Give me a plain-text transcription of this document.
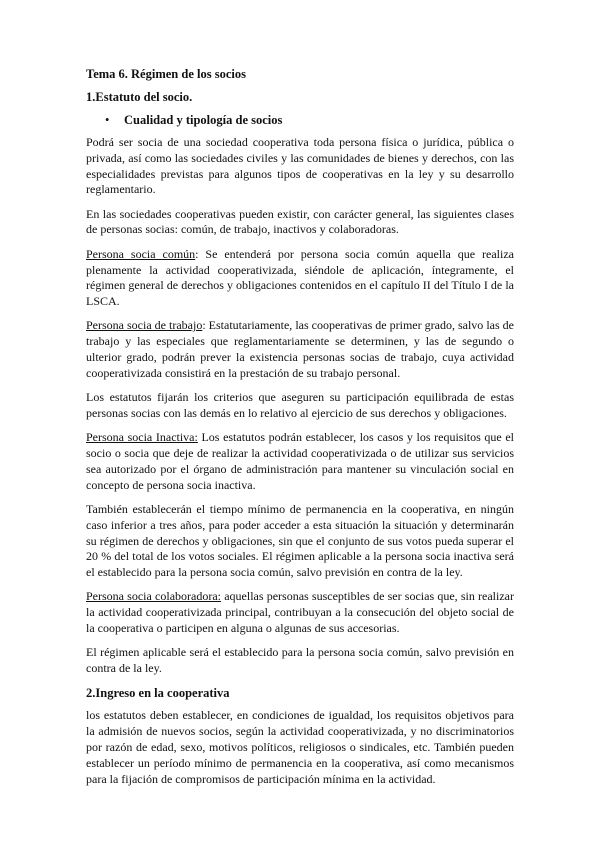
Tema 6. Régimen de los socios
1.Estatuto del socio.
• Cualidad y tipología de socios

Podrá ser socia de una sociedad cooperativa toda persona física o jurídica, pública o privada, así como las sociedades civiles y las comunidades de bienes y derechos, con las especialidades previstas para algunos tipos de cooperativas en la ley y su desarrollo reglamentario.

En las sociedades cooperativas pueden existir, con carácter general, las siguientes clases de personas socias: común, de trabajo, inactivos y colaboradoras.

Persona socia común: Se entenderá por persona socia común aquella que realiza plenamente la actividad cooperativizada, siéndole de aplicación, íntegramente, el régimen general de derechos y obligaciones contenidos en el capítulo II del Título I de la LSCA.

Persona socia de trabajo: Estatutariamente, las cooperativas de primer grado, salvo las de trabajo y las especiales que reglamentariamente se determinen, y las de segundo o ulterior grado, podrán prever la existencia personas socias de trabajo, cuya actividad cooperativizada consistirá en la prestación de su trabajo personal.

Los estatutos fijarán los criterios que aseguren su participación equilibrada de estas personas socias con las demás en lo relativo al ejercicio de sus derechos y obligaciones.

Persona socia Inactiva: Los estatutos podrán establecer, los casos y los requisitos que el socio o socia que deje de realizar la actividad cooperativizada o de utilizar sus servicios sea autorizado por el órgano de administración para mantener su vinculación social en concepto de persona socia inactiva.

También establecerán el tiempo mínimo de permanencia en la cooperativa, en ningún caso inferior a tres años, para poder acceder a esta situación la situación y determinarán su régimen de derechos y obligaciones, sin que el conjunto de sus votos pueda superar el 20 % del total de los votos sociales. El régimen aplicable a la persona socia inactiva será el establecido para la persona socia común, salvo previsión en contra de la ley.

Persona socia colaboradora: aquellas personas susceptibles de ser socias que, sin realizar la actividad cooperativizada principal, contribuyan a la consecución del objeto social de la cooperativa o participen en alguna o algunas de sus accesorias.

El régimen aplicable será el establecido para la persona socia común, salvo previsión en contra de la ley.

2.Ingreso en la cooperativa

los estatutos deben establecer, en condiciones de igualdad, los requisitos objetivos para la admisión de nuevos socios, según la actividad cooperativizada, y no discriminatorios por razón de edad, sexo, motivos políticos, religiosos o sindicales, etc. También pueden establecer un período mínimo de permanencia en la cooperativa, así como mecanismos para la fijación de compromisos de participación mínima en la actividad.
